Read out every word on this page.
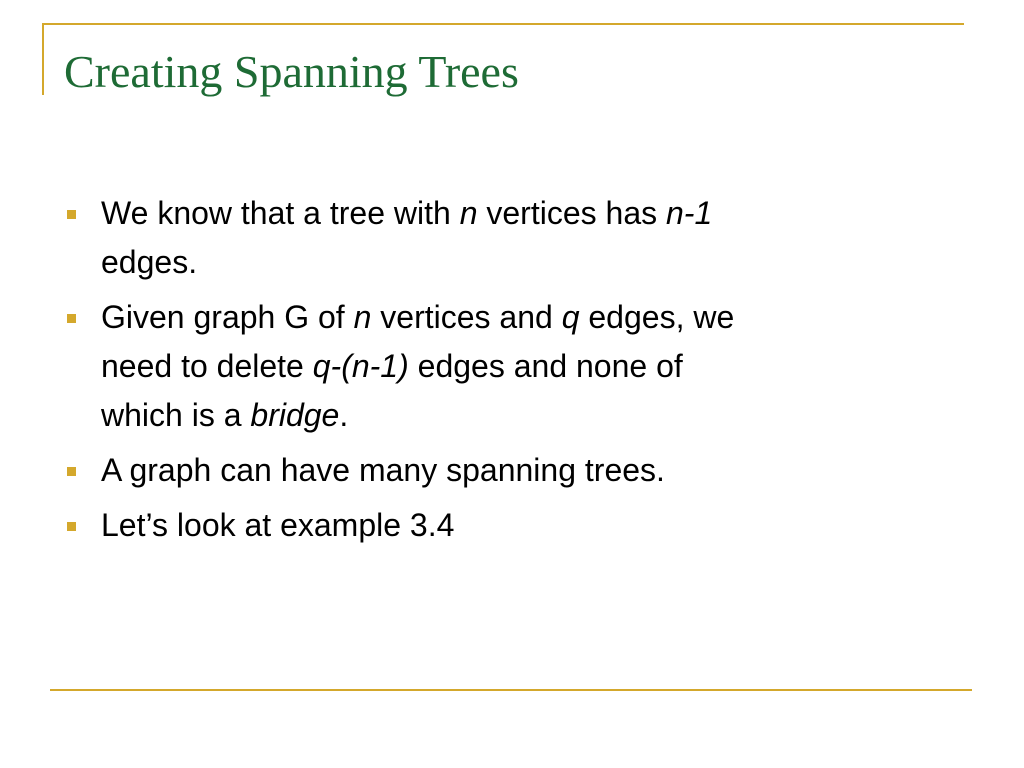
Creating Spanning Trees
We know that a tree with n vertices has n-1
edges.
Given graph G of n vertices and q edges, we
need to delete q-(n-1) edges and none of
which is a bridge.
A graph can have many spanning trees.
Let’s look at example 3.4
